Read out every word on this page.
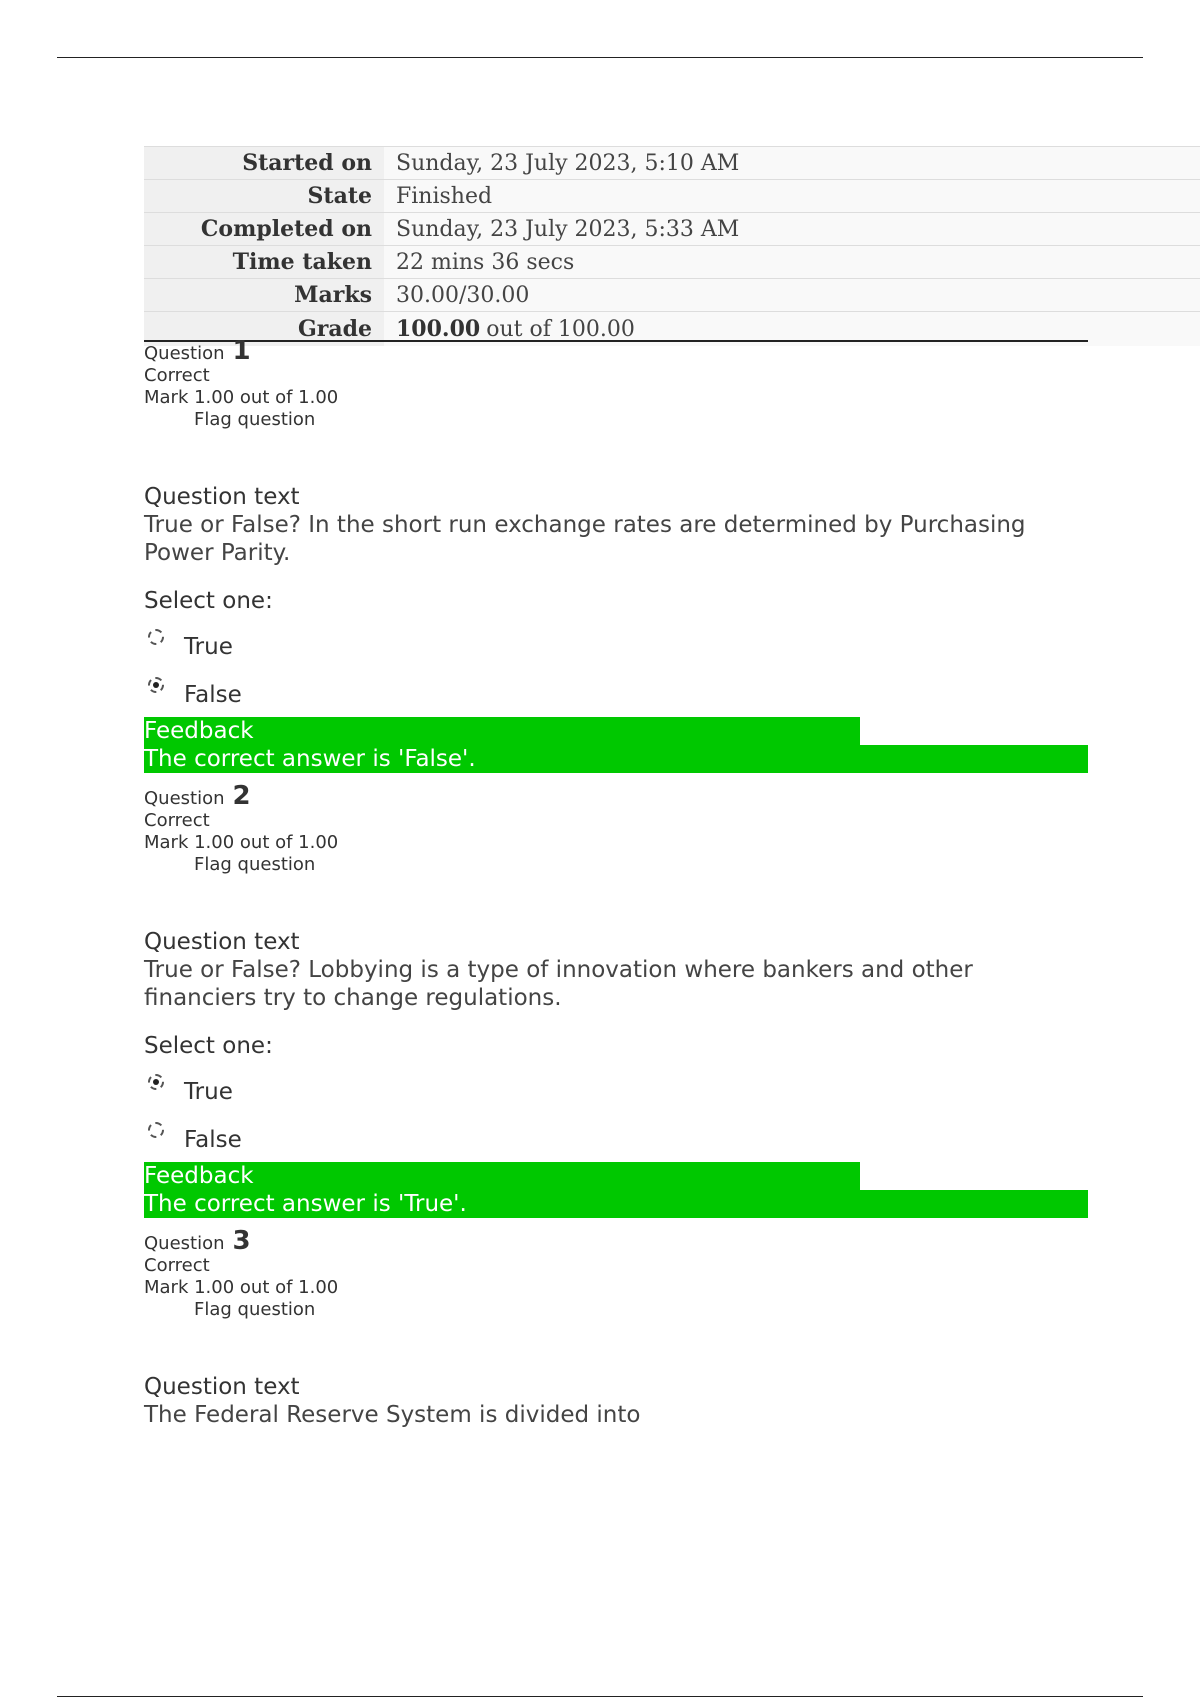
Started on	Sunday, 23 July 2023, 5:10 AM
State	Finished
Completed on	Sunday, 23 July 2023, 5:33 AM
Time taken	22 mins 36 secs
Marks	30.00/30.00
Grade	100.00 out of 100.00
Question 1
Correct
Mark 1.00 out of 1.00
Flag question
Question text
True or False? In the short run exchange rates are determined by Purchasing Power Parity.
Select one:
True
False
Feedback
The correct answer is 'False'.
Question 2
Correct
Mark 1.00 out of 1.00
Flag question
Question text
True or False? Lobbying is a type of innovation where bankers and other financiers try to change regulations.
Select one:
True
False
Feedback
The correct answer is 'True'.
Question 3
Correct
Mark 1.00 out of 1.00
Flag question
Question text
The Federal Reserve System is divided into
